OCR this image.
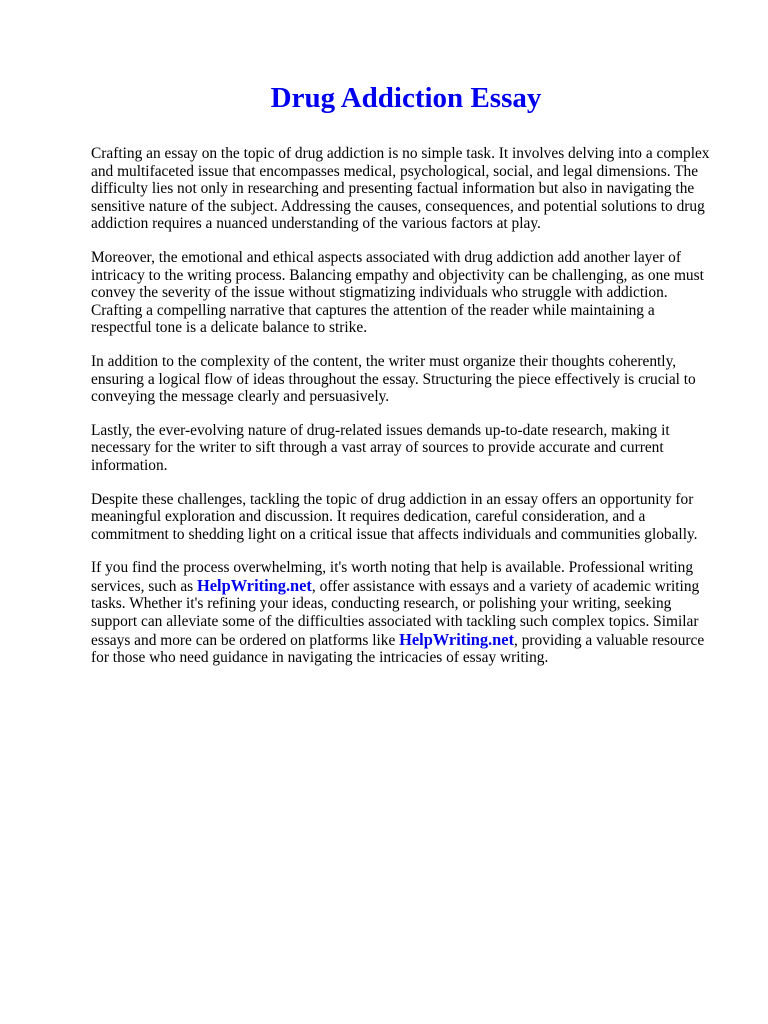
Drug Addiction Essay

Crafting an essay on the topic of drug addiction is no simple task. It involves delving into a complex and multifaceted issue that encompasses medical, psychological, social, and legal dimensions. The difficulty lies not only in researching and presenting factual information but also in navigating the sensitive nature of the subject. Addressing the causes, consequences, and potential solutions to drug addiction requires a nuanced understanding of the various factors at play.

Moreover, the emotional and ethical aspects associated with drug addiction add another layer of intricacy to the writing process. Balancing empathy and objectivity can be challenging, as one must convey the severity of the issue without stigmatizing individuals who struggle with addiction. Crafting a compelling narrative that captures the attention of the reader while maintaining a respectful tone is a delicate balance to strike.

In addition to the complexity of the content, the writer must organize their thoughts coherently, ensuring a logical flow of ideas throughout the essay. Structuring the piece effectively is crucial to conveying the message clearly and persuasively.

Lastly, the ever-evolving nature of drug-related issues demands up-to-date research, making it necessary for the writer to sift through a vast array of sources to provide accurate and current information.

Despite these challenges, tackling the topic of drug addiction in an essay offers an opportunity for meaningful exploration and discussion. It requires dedication, careful consideration, and a commitment to shedding light on a critical issue that affects individuals and communities globally.

If you find the process overwhelming, it's worth noting that help is available. Professional writing services, such as HelpWriting.net, offer assistance with essays and a variety of academic writing tasks. Whether it's refining your ideas, conducting research, or polishing your writing, seeking support can alleviate some of the difficulties associated with tackling such complex topics. Similar essays and more can be ordered on platforms like HelpWriting.net, providing a valuable resource for those who need guidance in navigating the intricacies of essay writing.
